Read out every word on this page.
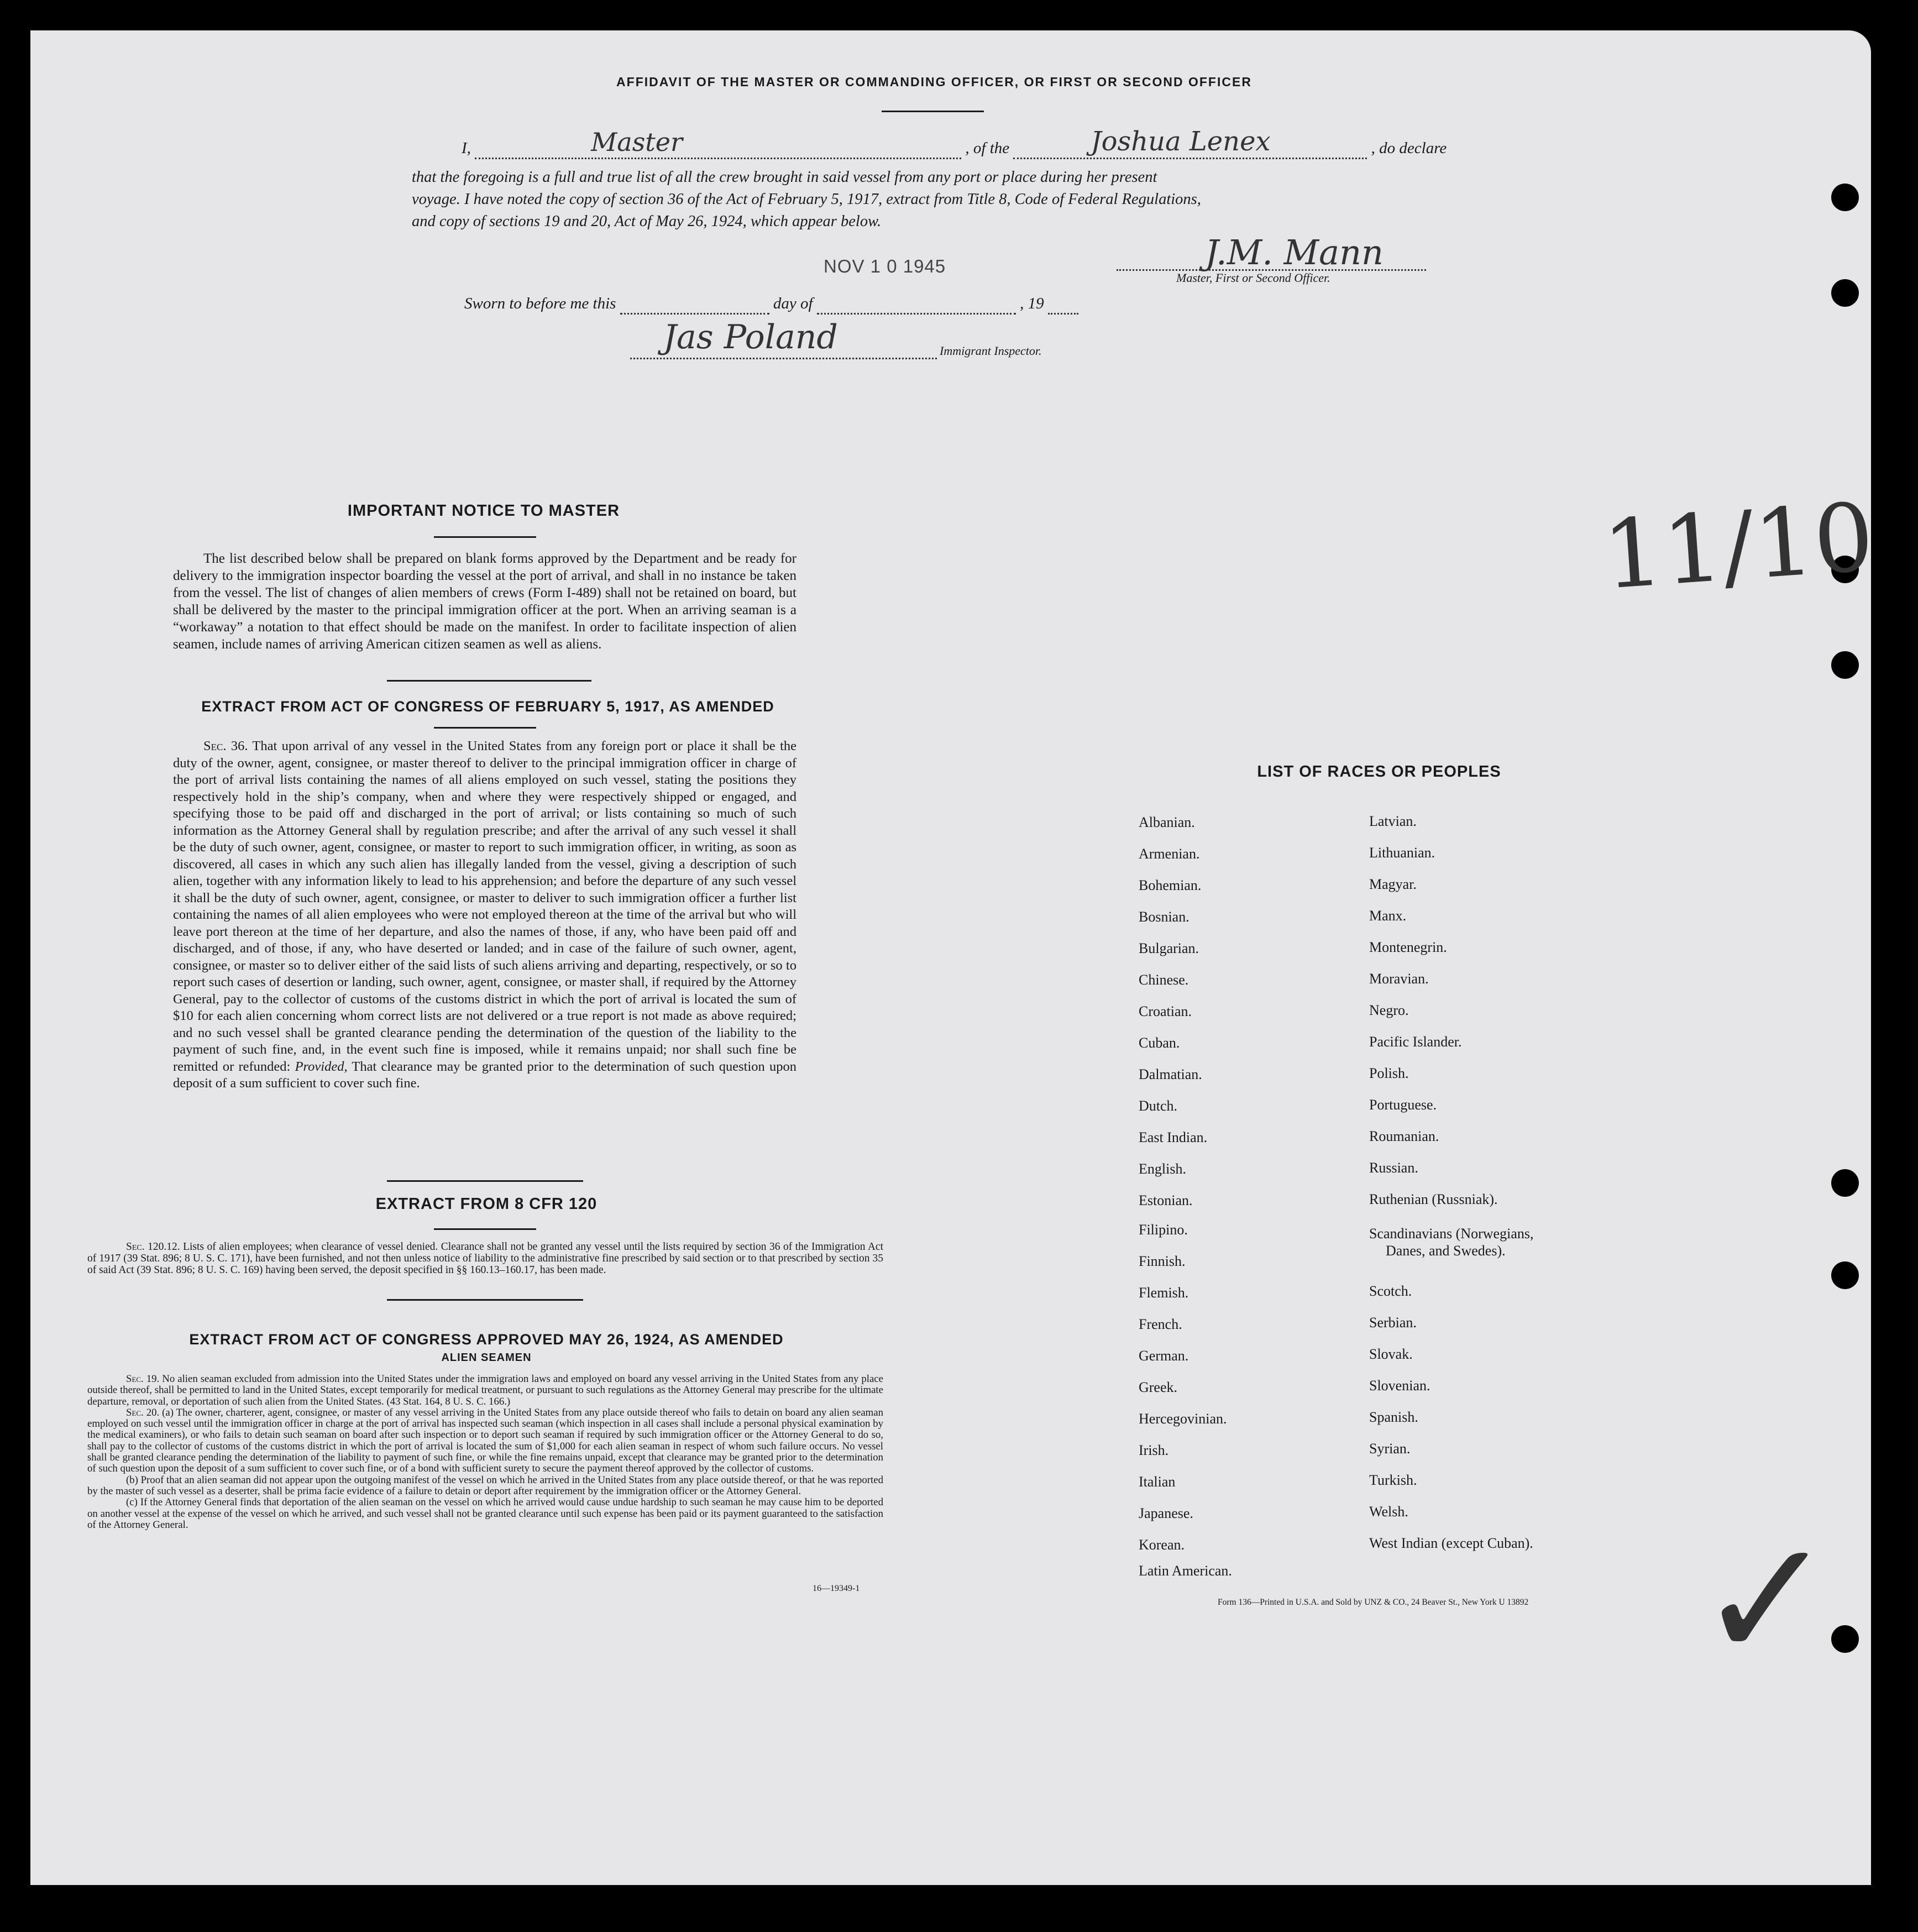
AFFIDAVIT OF THE MASTER OR COMMANDING OFFICER, OR FIRST OR SECOND OFFICER
I,	Master	, of the	Joshua Lenex	, do declare
that the foregoing is a full and true list of all the crew brought in said vessel from any port or place during her present
voyage. I have noted the copy of section 36 of the Act of February 5, 1917, extract from Title 8, Code of Federal Regulations,
and copy of sections 19 and 20, Act of May 26, 1924, which appear below.
NOV 1 0 1945	J.M. Mann
Master, First or Second Officer.
Sworn to before me this	day of	, 19
Jas Poland	Immigrant Inspector.
IMPORTANT NOTICE TO MASTER
The list described below shall be prepared on blank forms approved by the Department and be ready for delivery to the immigration inspector boarding the vessel at the port of arrival, and shall in no instance be taken from the vessel. The list of changes of alien members of crews (Form I-489) shall not be retained on board, but shall be delivered by the master to the principal immigration officer at the port. When an arriving seaman is a “workaway” a notation to that effect should be made on the manifest. In order to facilitate inspection of alien seamen, include names of arriving American citizen seamen as well as aliens.
EXTRACT FROM ACT OF CONGRESS OF FEBRUARY 5, 1917, AS AMENDED
Sec. 36. That upon arrival of any vessel in the United States from any foreign port or place it shall be the duty of the owner, agent, consignee, or master thereof to deliver to the principal immigration officer in charge of the port of arrival lists containing the names of all aliens employed on such vessel, stating the positions they respectively hold in the ship’s company, when and where they were respectively shipped or engaged, and specifying those to be paid off and discharged in the port of arrival; or lists containing so much of such information as the Attorney General shall by regulation prescribe; and after the arrival of any such vessel it shall be the duty of such owner, agent, consignee, or master to report to such immigration officer, in writing, as soon as discovered, all cases in which any such alien has illegally landed from the vessel, giving a description of such alien, together with any information likely to lead to his apprehension; and before the departure of any such vessel it shall be the duty of such owner, agent, consignee, or master to deliver to such immigration officer a further list containing the names of all alien employees who were not employed thereon at the time of the arrival but who will leave port thereon at the time of her departure, and also the names of those, if any, who have been paid off and discharged, and of those, if any, who have deserted or landed; and in case of the failure of such owner, agent, consignee, or master so to deliver either of the said lists of such aliens arriving and departing, respectively, or so to report such cases of desertion or landing, such owner, agent, consignee, or master shall, if required by the Attorney General, pay to the collector of customs of the customs district in which the port of arrival is located the sum of $10 for each alien concerning whom correct lists are not delivered or a true report is not made as above required; and no such vessel shall be granted clearance pending the determination of the question of the liability to the payment of such fine, and, in the event such fine is imposed, while it remains unpaid; nor shall such fine be remitted or refunded: Provided, That clearance may be granted prior to the determination of such question upon deposit of a sum sufficient to cover such fine.
EXTRACT FROM 8 CFR 120
Sec. 120.12. Lists of alien employees; when clearance of vessel denied. Clearance shall not be granted any vessel until the lists required by section 36 of the Immigration Act of 1917 (39 Stat. 896; 8 U. S. C. 171), have been furnished, and not then unless notice of liability to the administrative fine prescribed by said section or to that prescribed by section 35 of said Act (39 Stat. 896; 8 U. S. C. 169) having been served, the deposit specified in §§ 160.13–160.17, has been made.
EXTRACT FROM ACT OF CONGRESS APPROVED MAY 26, 1924, AS AMENDED
ALIEN SEAMEN
Sec. 19. No alien seaman excluded from admission into the United States under the immigration laws and employed on board any vessel arriving in the United States from any place outside thereof, shall be permitted to land in the United States, except temporarily for medical treatment, or pursuant to such regulations as the Attorney General may prescribe for the ultimate departure, removal, or deportation of such alien from the United States. (43 Stat. 164, 8 U. S. C. 166.)
Sec. 20. (a) The owner, charterer, agent, consignee, or master of any vessel arriving in the United States from any place outside thereof who fails to detain on board any alien seaman employed on such vessel until the immigration officer in charge at the port of arrival has inspected such seaman (which inspection in all cases shall include a personal physical examination by the medical examiners), or who fails to detain such seaman on board after such inspection or to deport such seaman if required by such immigration officer or the Attorney General to do so, shall pay to the collector of customs of the customs district in which the port of arrival is located the sum of $1,000 for each alien seaman in respect of whom such failure occurs. No vessel shall be granted clearance pending the determination of the liability to payment of such fine, or while the fine remains unpaid, except that clearance may be granted prior to the determination of such question upon the deposit of a sum sufficient to cover such fine, or of a bond with sufficient surety to secure the payment thereof approved by the collector of customs.
(b) Proof that an alien seaman did not appear upon the outgoing manifest of the vessel on which he arrived in the United States from any place outside thereof, or that he was reported by the master of such vessel as a deserter, shall be prima facie evidence of a failure to detain or deport after requirement by the immigration officer or the Attorney General.
(c) If the Attorney General finds that deportation of the alien seaman on the vessel on which he arrived would cause undue hardship to such seaman he may cause him to be deported on another vessel at the expense of the vessel on which he arrived, and such vessel shall not be granted clearance until such expense has been paid or its payment guaranteed to the satisfaction of the Attorney General.
16—19349-1
LIST OF RACES OR PEOPLES
Albanian.
Armenian.
Bohemian.
Bosnian.
Bulgarian.
Chinese.
Croatian.
Cuban.
Dalmatian.
Dutch.
East Indian.
English.
Estonian.
Filipino.
Finnish.
Flemish.
French.
German.
Greek.
Hercegovinian.
Irish.
Italian
Japanese.
Korean.
Latin American.
Latvian.
Lithuanian.
Magyar.
Manx.
Montenegrin.
Moravian.
Negro.
Pacific Islander.
Polish.
Portuguese.
Roumanian.
Russian.
Ruthenian (Russniak).
Scandinavians (Norwegians,
Danes, and Swedes).
Scotch.
Serbian.
Slovak.
Slovenian.
Spanish.
Syrian.
Turkish.
Welsh.
West Indian (except Cuban).
Form 136—Printed in U.S.A. and Sold by UNZ & CO., 24 Beaver St., New York U 13892
11/10
✓
